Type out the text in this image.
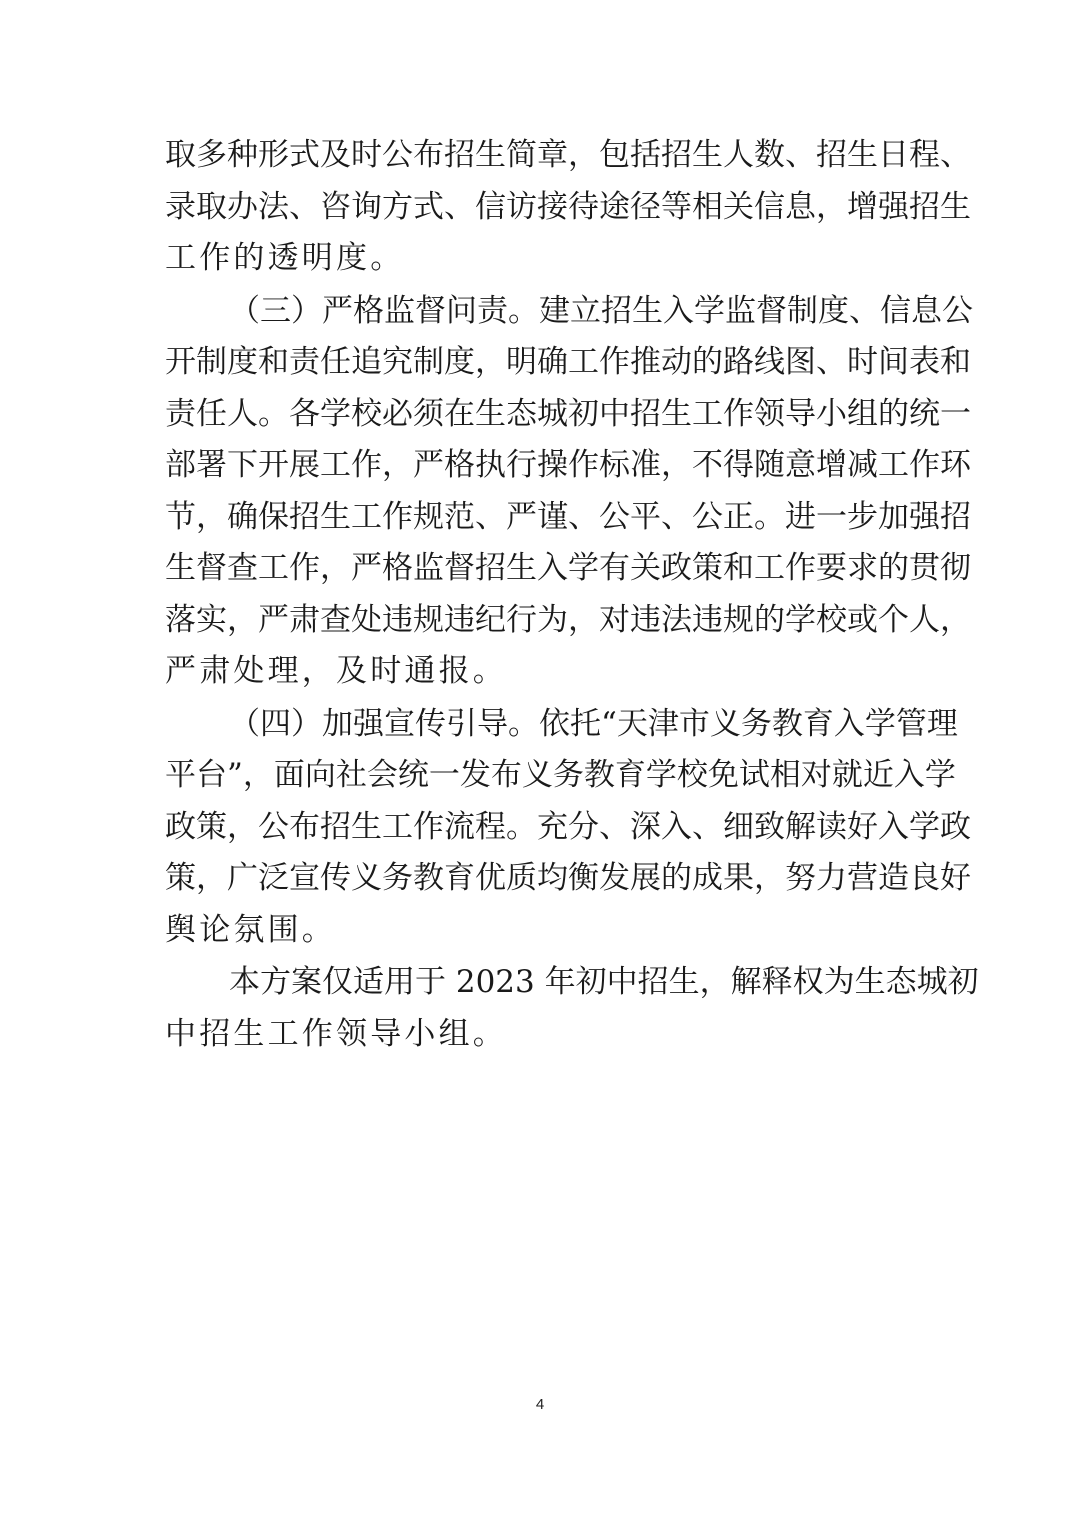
取多种形式及时公布招生简章，包括招生人数、招生日程、
录取办法、咨询方式、信访接待途径等相关信息，增强招生
工作的透明度。
（三）严格监督问责。建立招生入学监督制度、信息公
开制度和责任追究制度，明确工作推动的路线图、时间表和
责任人。各学校必须在生态城初中招生工作领导小组的统一
部署下开展工作，严格执行操作标准，不得随意增减工作环
节，确保招生工作规范、严谨、公平、公正。进一步加强招
生督查工作，严格监督招生入学有关政策和工作要求的贯彻
落实，严肃查处违规违纪行为，对违法违规的学校或个人，
严肃处理，及时通报。
（四）加强宣传引导。依托“天津市义务教育入学管理
平台”，面向社会统一发布义务教育学校免试相对就近入学
政策，公布招生工作流程。充分、深入、细致解读好入学政
策，广泛宣传义务教育优质均衡发展的成果，努力营造良好
舆论氛围。
本方案仅适用于 2023 年初中招生，解释权为生态城初
中招生工作领导小组。
4
